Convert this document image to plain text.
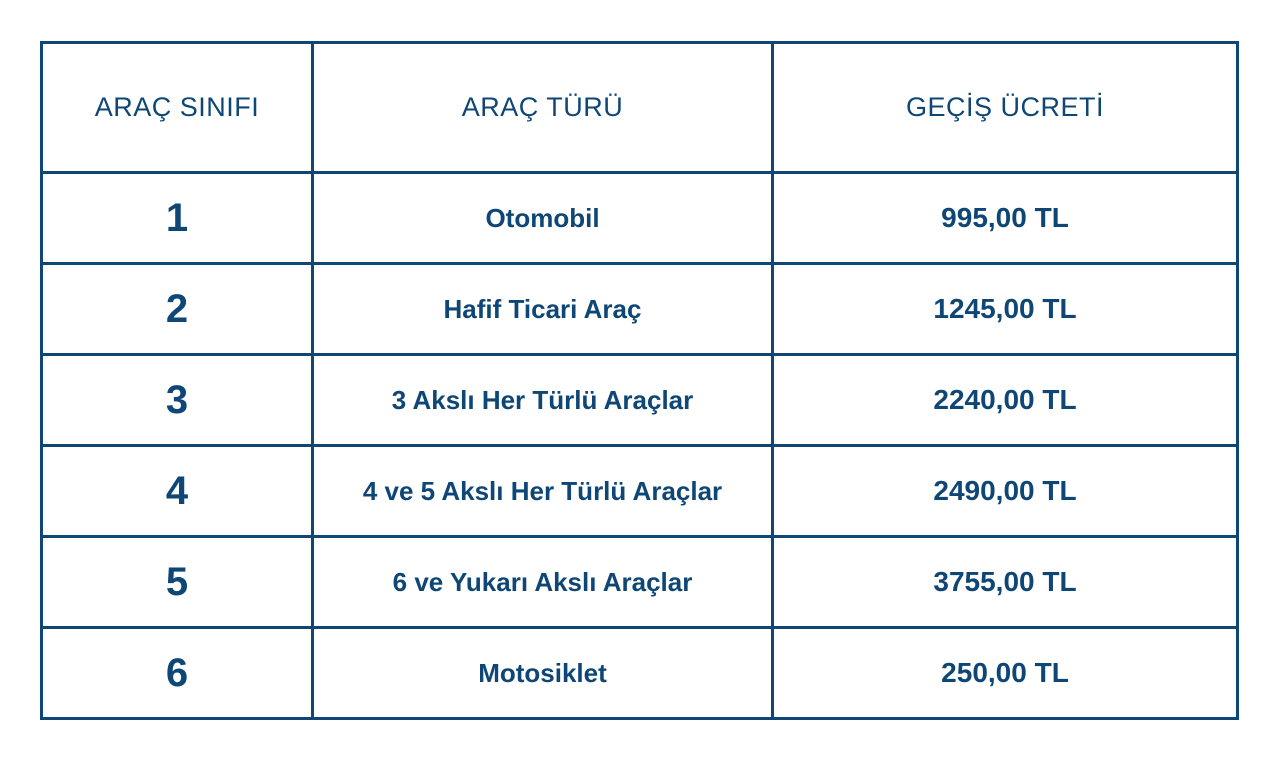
ARAÇ SINIFI	ARAÇ TÜRÜ	GEÇİŞ ÜCRETİ
1	Otomobil	995,00 TL
2	Hafif Ticari Araç	1245,00 TL
3	3 Akslı Her Türlü Araçlar	2240,00 TL
4	4 ve 5 Akslı Her Türlü Araçlar	2490,00 TL
5	6 ve Yukarı Akslı Araçlar	3755,00 TL
6	Motosiklet	250,00 TL
